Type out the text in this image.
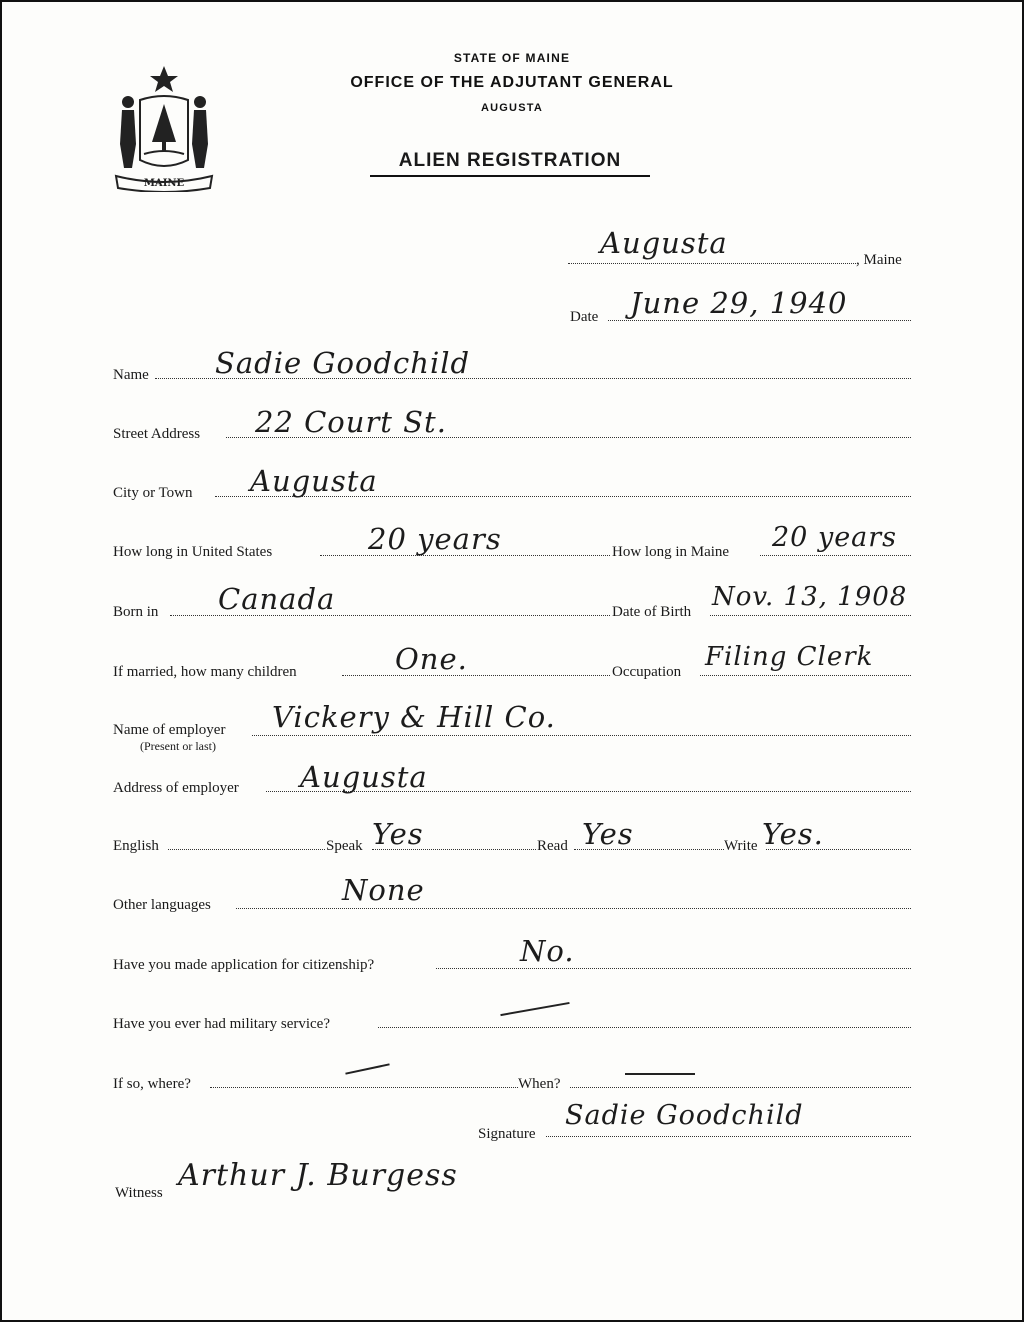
MAINE
STATE OF MAINE
OFFICE OF THE ADJUTANT GENERAL
AUGUSTA
ALIEN REGISTRATION
Augusta	, Maine
Date June 29, 1940
Name Sadie Goodchild
Street Address 22 Court St.
City or Town Augusta
How long in United States	20 years	How long in Maine 20 years
Born in Canada	Date of Birth Nov. 13, 1908
If married, how many children	One.	Occupation Filing Clerk
Name of employer
(Present or last)
Vickery & Hill Co.
Address of employer Augusta
English	Speak Yes	Read Yes	Write Yes.
Other languages	None
Have you made application for citizenship?	No.
Have you ever had military service?
If so, where?	When?
Signature
Sadie Goodchild
Witness Arthur J. Burgess
